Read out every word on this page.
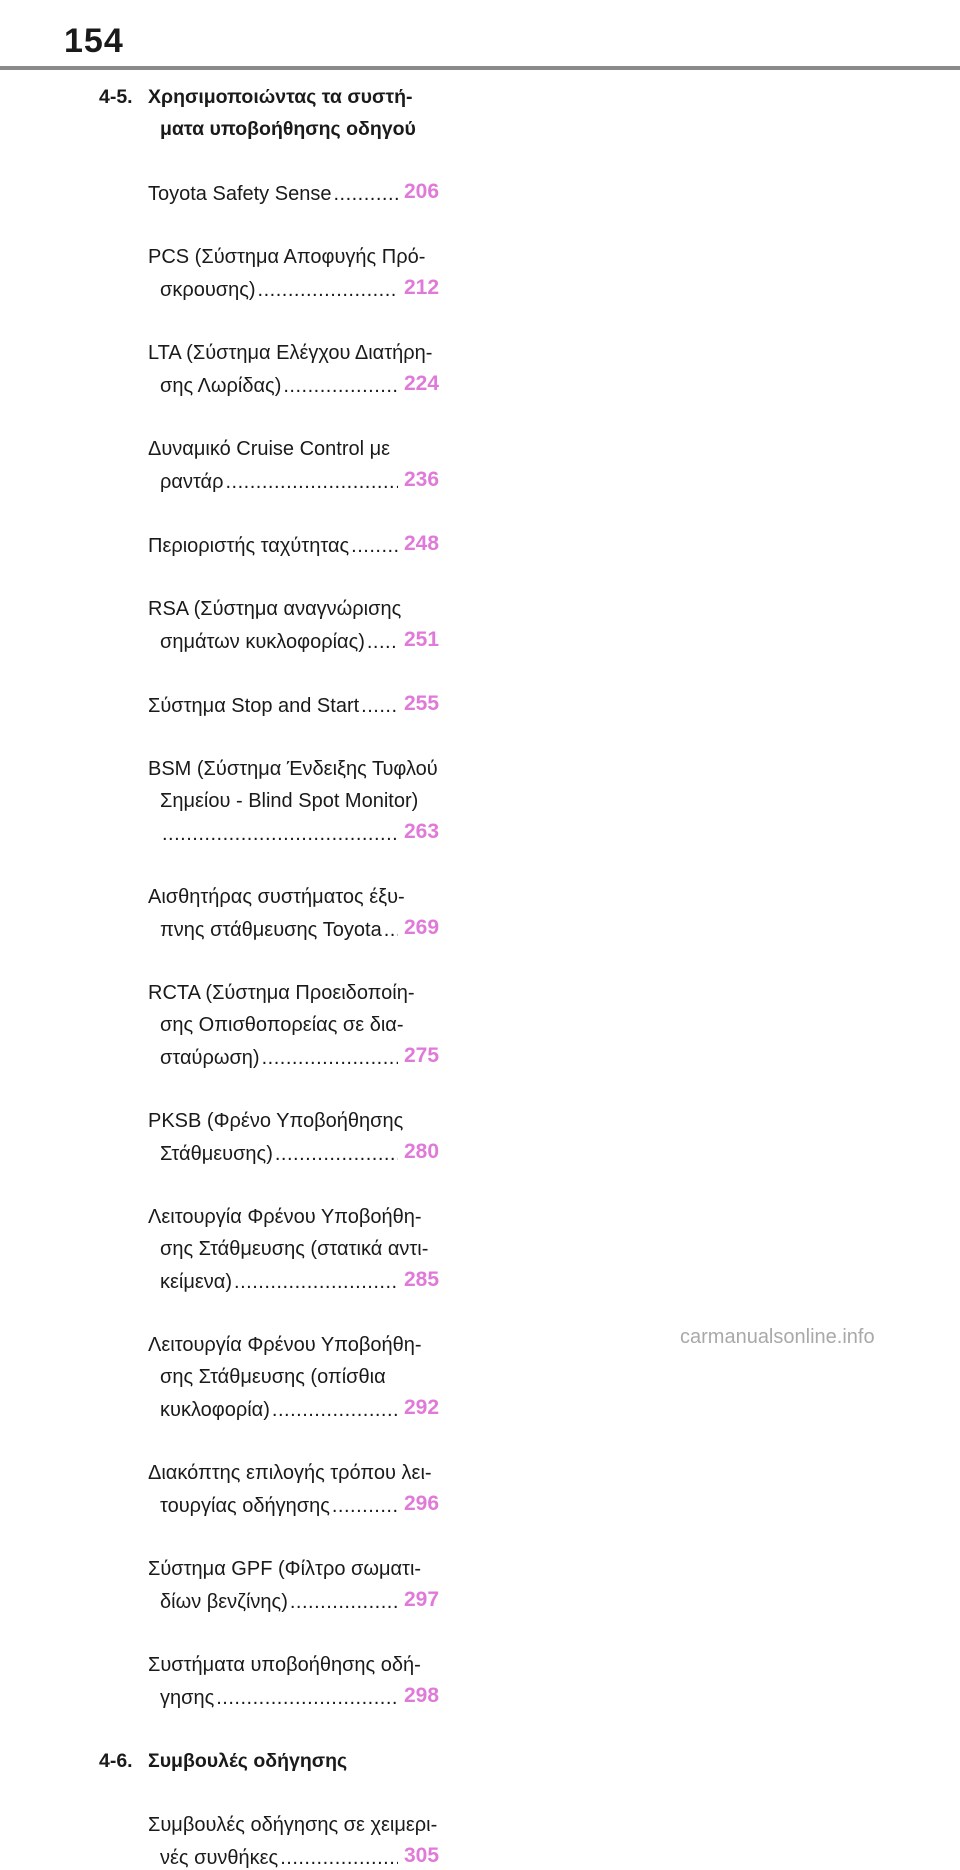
154
4-5. Χρησιμοποιώντας τα συστή-
ματα υποβοήθησης οδηγού
Toyota Safety Sense .....	206
PCS (Σύστημα Αποφυγής Πρό-
σκρουσης) .....	212
LTA (Σύστημα Ελέγχου Διατήρη-
σης Λωρίδας) .....	224
Δυναμικό Cruise Control με
ραντάρ .....	236
Περιοριστής ταχύτητας .....	248
RSA (Σύστημα αναγνώρισης
σημάτων κυκλοφορίας) ..... 251
Σύστημα Stop and Start ..... 255
BSM (Σύστημα Ένδειξης Τυφλού
Σημείου - Blind Spot Monitor)
.....
263
Αισθητήρας συστήματος έξυ-
πνης στάθμευσης Toyota ..... 269
RCTA (Σύστημα Προειδοποίη-
σης Οπισθοπορείας σε δια-
σταύρωση) .....	275
PKSB (Φρένο Υποβοήθησης
Στάθμευσης) .....	280
Λειτουργία Φρένου Υποβοήθη-
σης Στάθμευσης (στατικά αντι-
κείμενα) .....	285
Λειτουργία Φρένου Υποβοήθη-
σης Στάθμευσης (οπίσθια
κυκλοφορία) .....	292
Διακόπτης επιλογής τρόπου λει-
τουργίας οδήγησης .....	296
Σύστημα GPF (Φίλτρο σωματι-
δίων βενζίνης) .....	297
Συστήματα υποβοήθησης οδή-
γησης .....	298
4-6. Συμβουλές οδήγησης
Συμβουλές οδήγησης σε χειμερι-
νές συνθήκες .....	305
carmanualsonline.info
